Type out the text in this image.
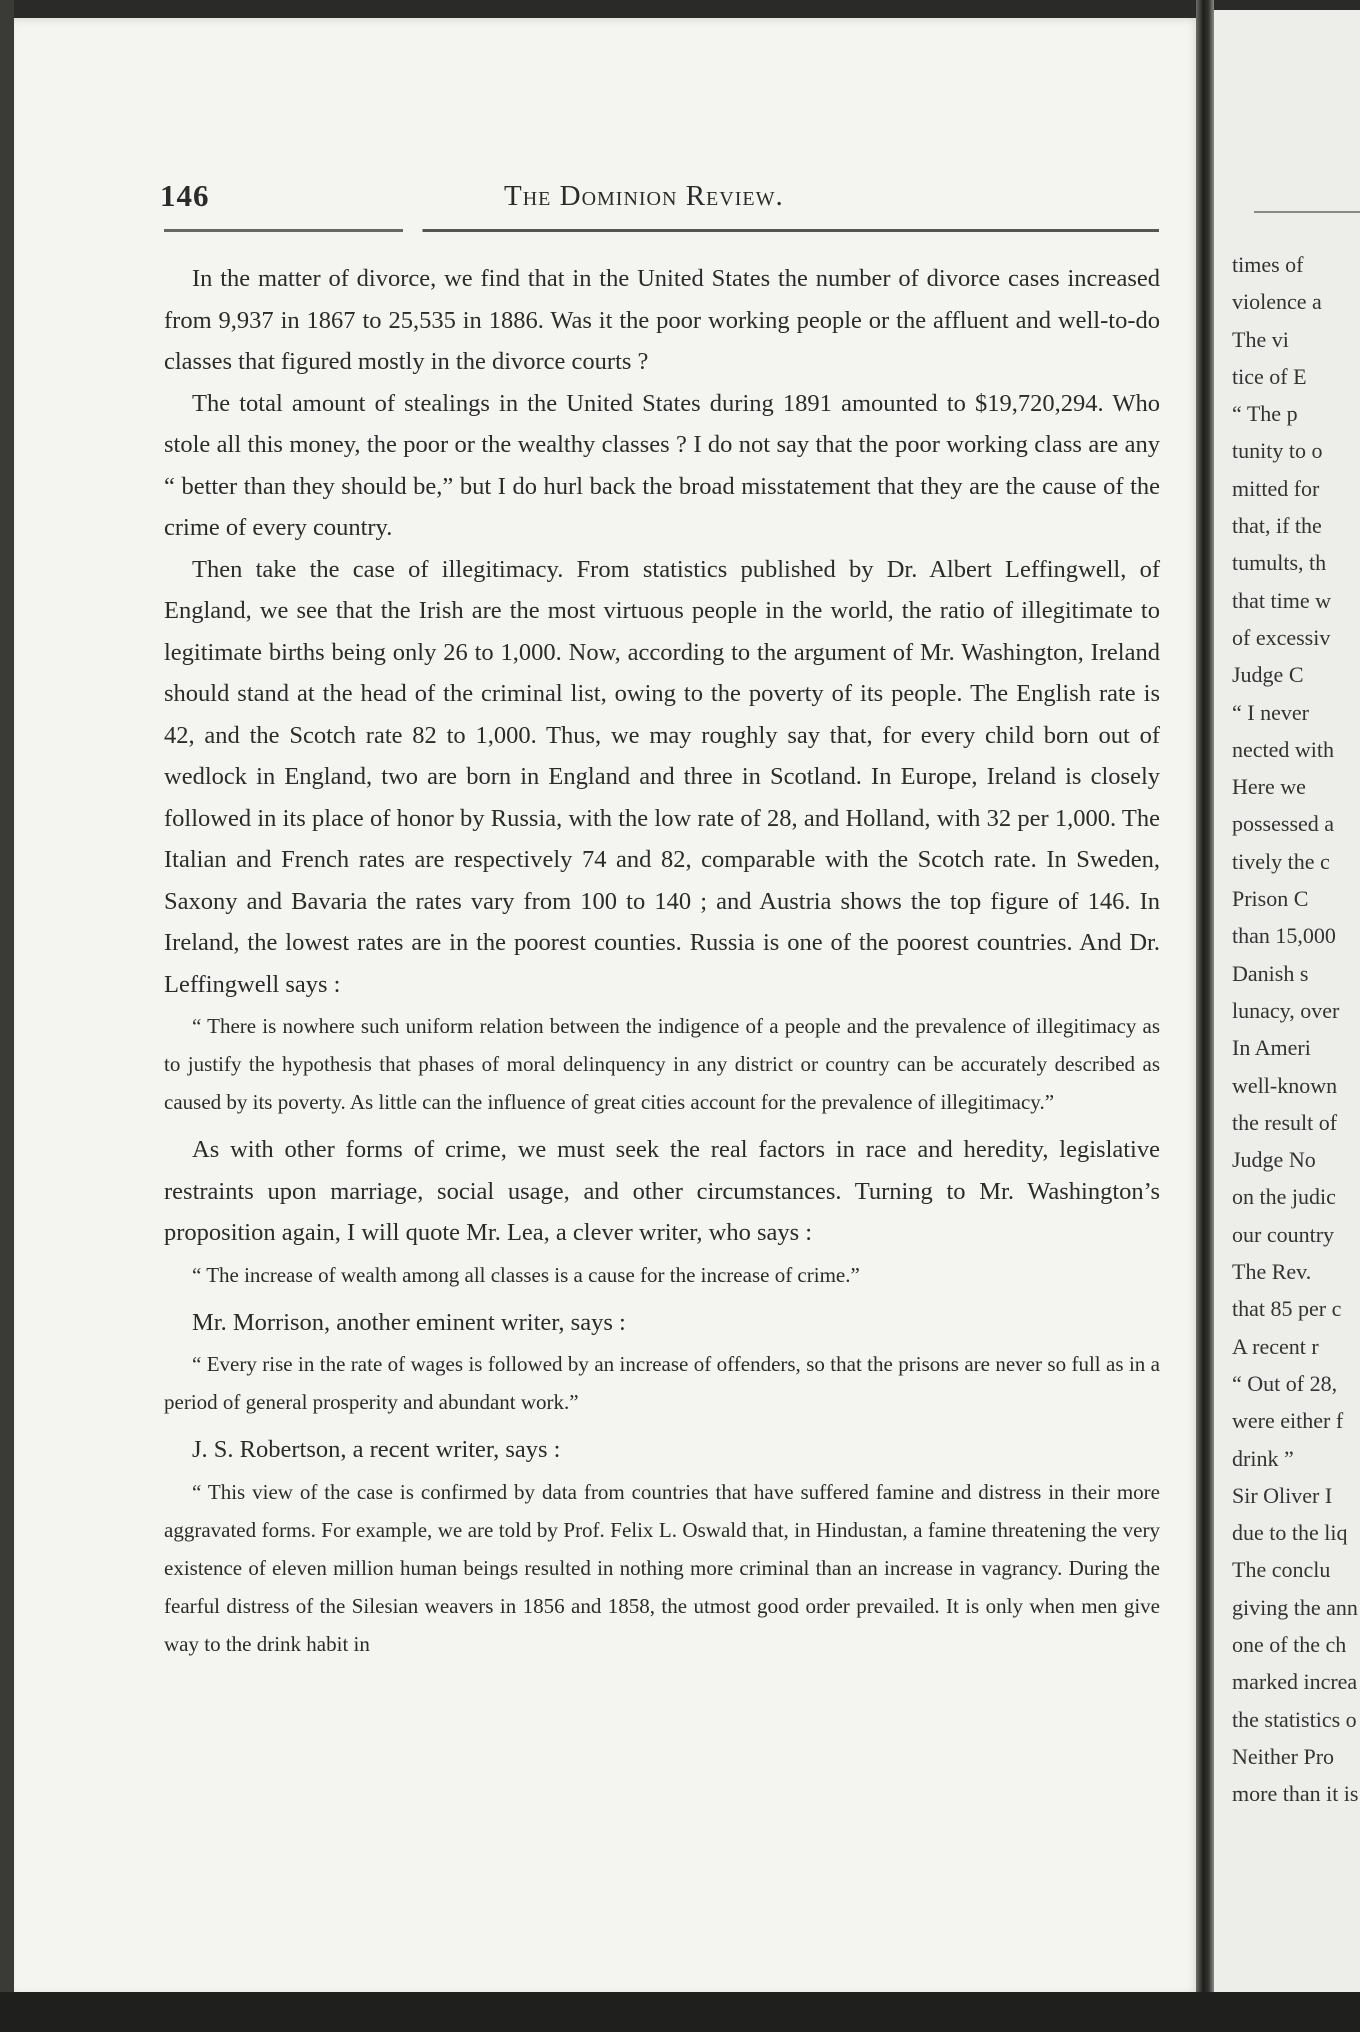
146	The Dominion Review.

In the matter of divorce, we find that in the United States the number of divorce cases increased from 9,937 in 1867 to 25,535 in 1886. Was it the poor working people or the affluent and well-to-do classes that figured mostly in the divorce courts ?

The total amount of stealings in the United States during 1891 amounted to $19,720,294. Who stole all this money, the poor or the wealthy classes ? I do not say that the poor working class are any “ better than they should be,” but I do hurl back the broad misstatement that they are the cause of the crime of every country.

Then take the case of illegitimacy. From statistics published by Dr. Albert Leffingwell, of England, we see that the Irish are the most virtuous people in the world, the ratio of illegitimate to legitimate births being only 26 to 1,000. Now, according to the argument of Mr. Washington, Ireland should stand at the head of the criminal list, owing to the poverty of its people. The English rate is 42, and the Scotch rate 82 to 1,000. Thus, we may roughly say that, for every child born out of wedlock in England, two are born in England and three in Scotland. In Europe, Ireland is closely followed in its place of honor by Russia, with the low rate of 28, and Holland, with 32 per 1,000. The Italian and French rates are respectively 74 and 82, comparable with the Scotch rate. In Sweden, Saxony and Bavaria the rates vary from 100 to 140 ; and Austria shows the top figure of 146. In Ireland, the lowest rates are in the poorest counties. Russia is one of the poorest countries. And Dr. Leffingwell says :

“ There is nowhere such uniform relation between the indigence of a people and the prevalence of illegitimacy as to justify the hypothesis that phases of moral delinquency in any district or country can be accurately described as caused by its poverty. As little can the influence of great cities account for the prevalence of illegitimacy.”

As with other forms of crime, we must seek the real factors in race and heredity, legislative restraints upon marriage, social usage, and other circumstances. Turning to Mr. Washington’s proposition again, I will quote Mr. Lea, a clever writer, who says :

“ The increase of wealth among all classes is a cause for the increase of crime.”

Mr. Morrison, another eminent writer, says :

“ Every rise in the rate of wages is followed by an increase of offenders, so that the prisons are never so full as in a period of general prosperity and abundant work.”

J. S. Robertson, a recent writer, says :

“ This view of the case is confirmed by data from countries that have suffered famine and distress in their more aggravated forms. For example, we are told by Prof. Felix L. Oswald that, in Hindustan, a famine threatening the very existence of eleven million human beings resulted in nothing more criminal than an increase in vagrancy. During the fearful distress of the Silesian weavers in 1856 and 1858, the utmost good order prevailed. It is only when men give way to the drink habit in

times of
violence a
The vi
tice of E
“ The p
tunity to o
mitted for
that, if the
tumults, th
that time w
of excessiv
Judge C
“ I never
nected with
Here we
possessed a
tively the c
Prison C
than 15,000
Danish s
lunacy, over
In Ameri
well-known
the result of
Judge No
on the judic
our country
The Rev.
that 85 per c
A recent r
“ Out of 28,
were either f
drink ”
Sir Oliver I
due to the liq
The conclu
giving the ann
one of the ch
marked increa
the statistics o
Neither Pro
more than it is
